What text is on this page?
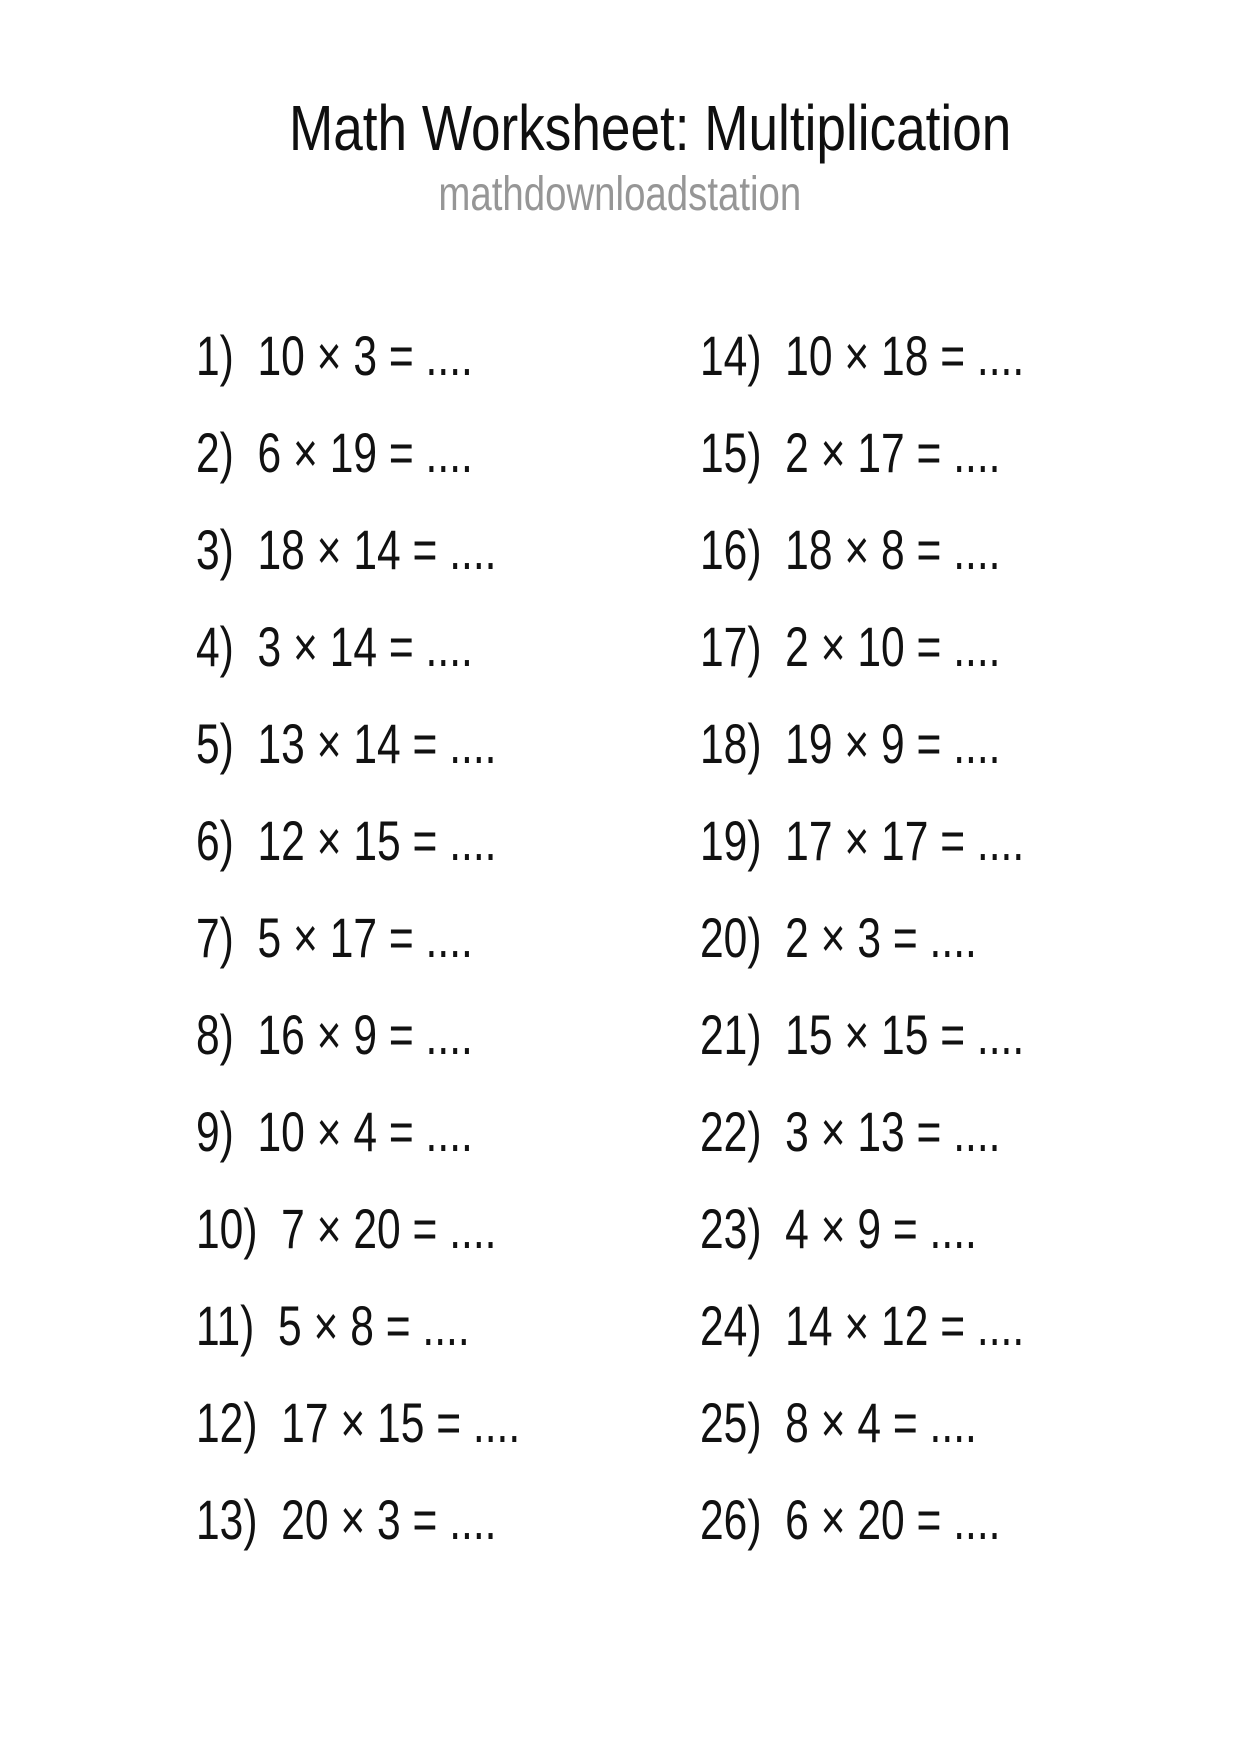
Math Worksheet: Multiplication
mathdownloadstation
1) 10 × 3 = ....
2) 6 × 19 = ....
3) 18 × 14 = ....
4) 3 × 14 = ....
5) 13 × 14 = ....
6) 12 × 15 = ....
7) 5 × 17 = ....
8) 16 × 9 = ....
9) 10 × 4 = ....
10) 7 × 20 = ....
11) 5 × 8 = ....
12) 17 × 15 = ....
13) 20 × 3 = ....
14) 10 × 18 = ....
15) 2 × 17 = ....
16) 18 × 8 = ....
17) 2 × 10 = ....
18) 19 × 9 = ....
19) 17 × 17 = ....
20) 2 × 3 = ....
21) 15 × 15 = ....
22) 3 × 13 = ....
23) 4 × 9 = ....
24) 14 × 12 = ....
25) 8 × 4 = ....
26) 6 × 20 = ....
